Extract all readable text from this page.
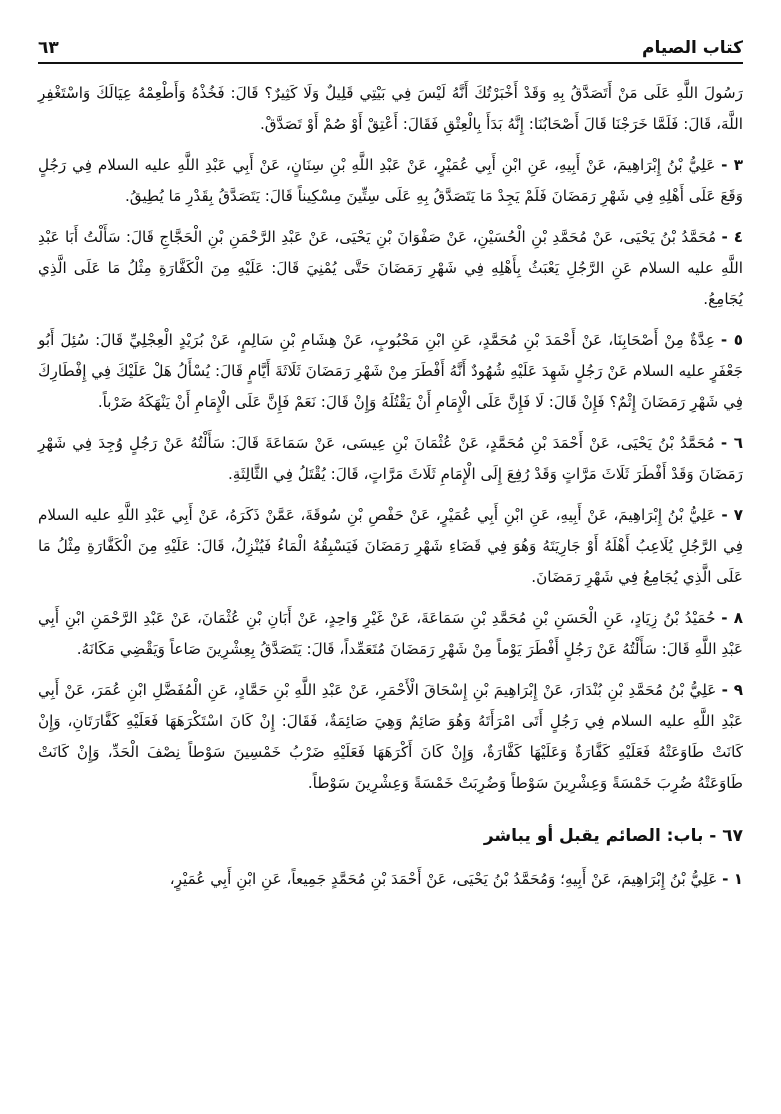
كتاب الصيام
٦٣

رَسُولَ اللَّهِ عَلَى مَنْ أَتَصَدَّقُ بِهِ وَقَدْ أَخْبَرْتُكَ أَنَّهُ لَيْسَ فِي بَيْتِي قَلِيلٌ وَلَا كَثِيرٌ؟ قَالَ: فَخُذْهُ وَأَطْعِمْهُ عِيَالَكَ وَاسْتَغْفِرِ اللَّهَ، قَالَ: فَلَمَّا خَرَجْنَا قَالَ أَصْحَابُنَا: إِنَّهُ بَدَأَ بِالْعِتْقِ فَقَالَ: أَعْتِقْ أَوْ صُمْ أَوْ تَصَدَّقْ.

٣ - عَلِيُّ بْنُ إِبْرَاهِيمَ، عَنْ أَبِيهِ، عَنِ ابْنِ أَبِي عُمَيْرٍ، عَنْ عَبْدِ اللَّهِ بْنِ سِنَانٍ، عَنْ أَبِي عَبْدِ اللَّهِ عليه السلام فِي رَجُلٍ وَقَعَ عَلَى أَهْلِهِ فِي شَهْرِ رَمَضَانَ فَلَمْ يَجِدْ مَا يَتَصَدَّقُ بِهِ عَلَى سِتِّينَ مِسْكِيناً قَالَ: يَتَصَدَّقُ بِقَدْرِ مَا يُطِيقُ.

٤ - مُحَمَّدُ بْنُ يَحْيَى، عَنْ مُحَمَّدِ بْنِ الْحُسَيْنِ، عَنْ صَفْوَانَ بْنِ يَحْيَى، عَنْ عَبْدِ الرَّحْمَنِ بْنِ الْحَجَّاجِ قَالَ: سَأَلْتُ أَبَا عَبْدِ اللَّهِ عليه السلام عَنِ الرَّجُلِ يَعْبَثُ بِأَهْلِهِ فِي شَهْرِ رَمَضَانَ حَتَّى يُمْنِيَ قَالَ: عَلَيْهِ مِنَ الْكَفَّارَةِ مِثْلُ مَا عَلَى الَّذِي يُجَامِعُ.

٥ - عِدَّةٌ مِنْ أَصْحَابِنَا، عَنْ أَحْمَدَ بْنِ مُحَمَّدٍ، عَنِ ابْنِ مَحْبُوبٍ، عَنْ هِشَامِ بْنِ سَالِمٍ، عَنْ بُرَيْدٍ الْعِجْلِيِّ قَالَ: سُئِلَ أَبُو جَعْفَرٍ عليه السلام عَنْ رَجُلٍ شَهِدَ عَلَيْهِ شُهُودٌ أَنَّهُ أَفْطَرَ مِنْ شَهْرِ رَمَضَانَ ثَلَاثَةَ أَيَّامٍ قَالَ: يُسْأَلُ هَلْ عَلَيْكَ فِي إِفْطَارِكَ فِي شَهْرِ رَمَضَانَ إِثْمٌ؟ فَإِنْ قَالَ: لَا فَإِنَّ عَلَى الْإِمَامِ أَنْ يَقْتُلَهُ وَإِنْ قَالَ: نَعَمْ فَإِنَّ عَلَى الْإِمَامِ أَنْ يَنْهَكَهُ ضَرْباً.

٦ - مُحَمَّدُ بْنُ يَحْيَى، عَنْ أَحْمَدَ بْنِ مُحَمَّدٍ، عَنْ عُثْمَانَ بْنِ عِيسَى، عَنْ سَمَاعَةَ قَالَ: سَأَلْتُهُ عَنْ رَجُلٍ وُجِدَ فِي شَهْرِ رَمَضَانَ وَقَدْ أَفْطَرَ ثَلَاثَ مَرَّاتٍ وَقَدْ رُفِعَ إِلَى الْإِمَامِ ثَلَاثَ مَرَّاتٍ، قَالَ: يُقْتَلُ فِي الثَّالِثَةِ.

٧ - عَلِيُّ بْنُ إِبْرَاهِيمَ، عَنْ أَبِيهِ، عَنِ ابْنِ أَبِي عُمَيْرٍ، عَنْ حَفْصِ بْنِ سُوقَةَ، عَمَّنْ ذَكَرَهُ، عَنْ أَبِي عَبْدِ اللَّهِ عليه السلام فِي الرَّجُلِ يُلَاعِبُ أَهْلَهُ أَوْ جَارِيَتَهُ وَهُوَ فِي قَضَاءِ شَهْرِ رَمَضَانَ فَيَسْبِقُهُ الْمَاءُ فَيُنْزِلُ، قَالَ: عَلَيْهِ مِنَ الْكَفَّارَةِ مِثْلُ مَا عَلَى الَّذِي يُجَامِعُ فِي شَهْرِ رَمَضَانَ.

٨ - حُمَيْدُ بْنُ زِيَادٍ، عَنِ الْحَسَنِ بْنِ مُحَمَّدِ بْنِ سَمَاعَةَ، عَنْ غَيْرِ وَاحِدٍ، عَنْ أَبَانِ بْنِ عُثْمَانَ، عَنْ عَبْدِ الرَّحْمَنِ ابْنِ أَبِي عَبْدِ اللَّهِ قَالَ: سَأَلْتُهُ عَنْ رَجُلٍ أَفْطَرَ يَوْماً مِنْ شَهْرِ رَمَضَانَ مُتَعَمِّداً، قَالَ: يَتَصَدَّقُ بِعِشْرِينَ صَاعاً وَيَقْضِي مَكَانَهُ.

٩ - عَلِيُّ بْنُ مُحَمَّدِ بْنِ بُنْدَارَ، عَنْ إِبْرَاهِيمَ بْنِ إِسْحَاقَ الْأَحْمَرِ، عَنْ عَبْدِ اللَّهِ بْنِ حَمَّادٍ، عَنِ الْمُفَضَّلِ ابْنِ عُمَرَ، عَنْ أَبِي عَبْدِ اللَّهِ عليه السلام فِي رَجُلٍ أَتَى امْرَأَتَهُ وَهُوَ صَائِمٌ وَهِيَ صَائِمَةٌ، فَقَالَ: إِنْ كَانَ اسْتَكْرَهَهَا فَعَلَيْهِ كَفَّارَتَانِ، وَإِنْ كَانَتْ طَاوَعَتْهُ فَعَلَيْهِ كَفَّارَةٌ وَعَلَيْهَا كَفَّارَةٌ، وَإِنْ كَانَ أَكْرَهَهَا فَعَلَيْهِ ضَرْبُ خَمْسِينَ سَوْطاً نِصْفَ الْحَدِّ، وَإِنْ كَانَتْ طَاوَعَتْهُ ضُرِبَ خَمْسَةً وَعِشْرِينَ سَوْطاً وَضُرِبَتْ خَمْسَةً وَعِشْرِينَ سَوْطاً.

٦٧ - باب: الصائم يقبل أو يباشر

١ - عَلِيُّ بْنُ إِبْرَاهِيمَ، عَنْ أَبِيهِ؛ وَمُحَمَّدُ بْنُ يَحْيَى، عَنْ أَحْمَدَ بْنِ مُحَمَّدٍ جَمِيعاً، عَنِ ابْنِ أَبِي عُمَيْرٍ،
